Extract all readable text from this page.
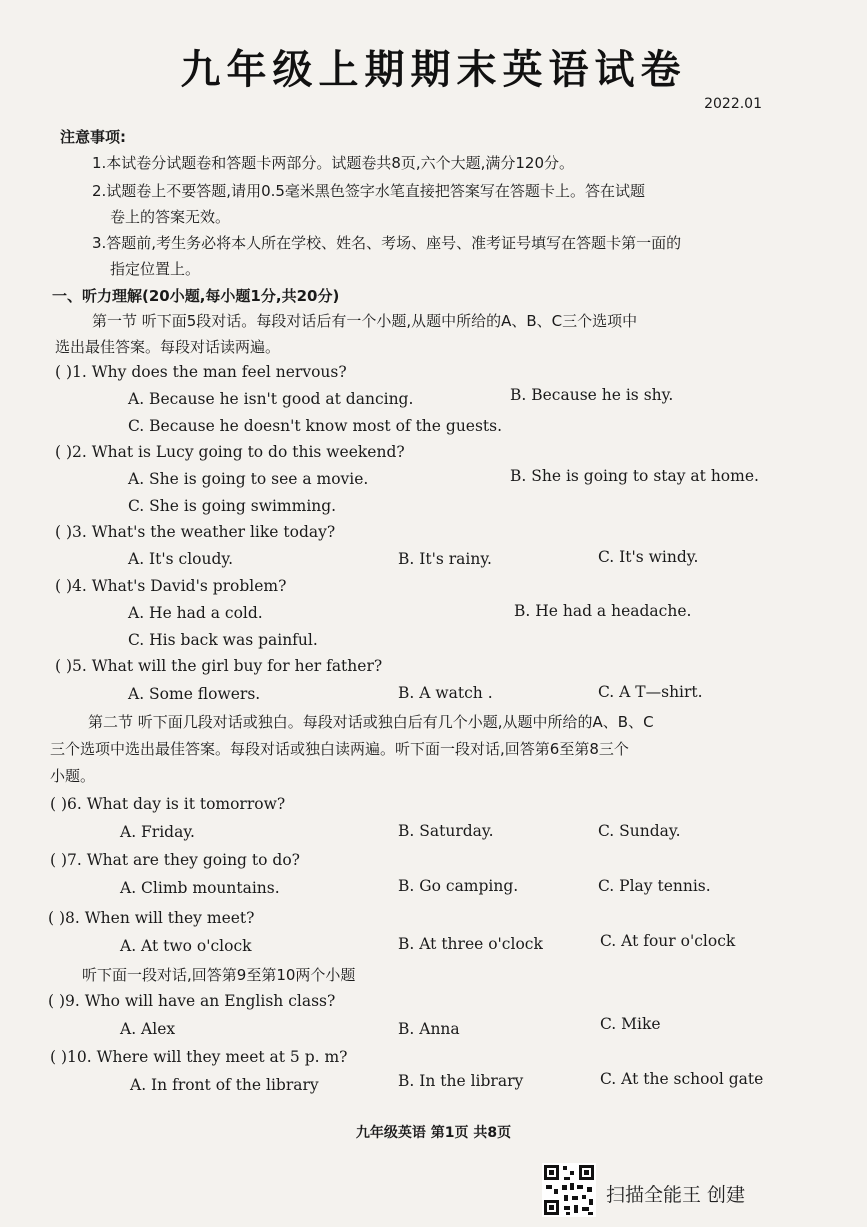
九年级上期期末英语试卷
2022.01
注意事项:
1.本试卷分试题卷和答题卡两部分。试题卷共8页,六个大题,满分120分。
2.试题卷上不要答题,请用0.5毫米黑色签字水笔直接把答案写在答题卡上。答在试题
卷上的答案无效。
3.答题前,考生务必将本人所在学校、姓名、考场、座号、准考证号填写在答题卡第一面的
指定位置上。
一、听力理解(20小题,每小题1分,共20分)
第一节 听下面5段对话。每段对话后有一个小题,从题中所给的A、B、C三个选项中
选出最佳答案。每段对话读两遍。
( )1. Why does the man feel nervous?
A. Because he isn't good at dancing.	B. Because he is shy.
C. Because he doesn't know most of the guests.
( )2. What is Lucy going to do this weekend?
A. She is going to see a movie.	B. She is going to stay at home.
C. She is going swimming.
( )3. What's the weather like today?
A. It's cloudy.	B. It's rainy.	C. It's windy.
( )4. What's David's problem?
A. He had a cold.	B. He had a headache.
C. His back was painful.
( )5. What will the girl buy for her father?
A. Some flowers.	B. A watch .	C. A T—shirt.
第二节 听下面几段对话或独白。每段对话或独白后有几个小题,从题中所给的A、B、C
三个选项中选出最佳答案。每段对话或独白读两遍。听下面一段对话,回答第6至第8三个
小题。
( )6. What day is it tomorrow?
A. Friday.	B. Saturday.	C. Sunday.
( )7. What are they going to do?
A. Climb mountains.	B. Go camping.	C. Play tennis.
( )8. When will they meet?
A. At two o'clock	B. At three o'clock	C. At four o'clock
听下面一段对话,回答第9至第10两个小题
( )9. Who will have an English class?
A. Alex	B. Anna	C. Mike
( )10. Where will they meet at 5 p. m?
A. In front of the library	B. In the library	C. At the school gate
九年级英语 第1页 共8页
扫描全能王 创建
